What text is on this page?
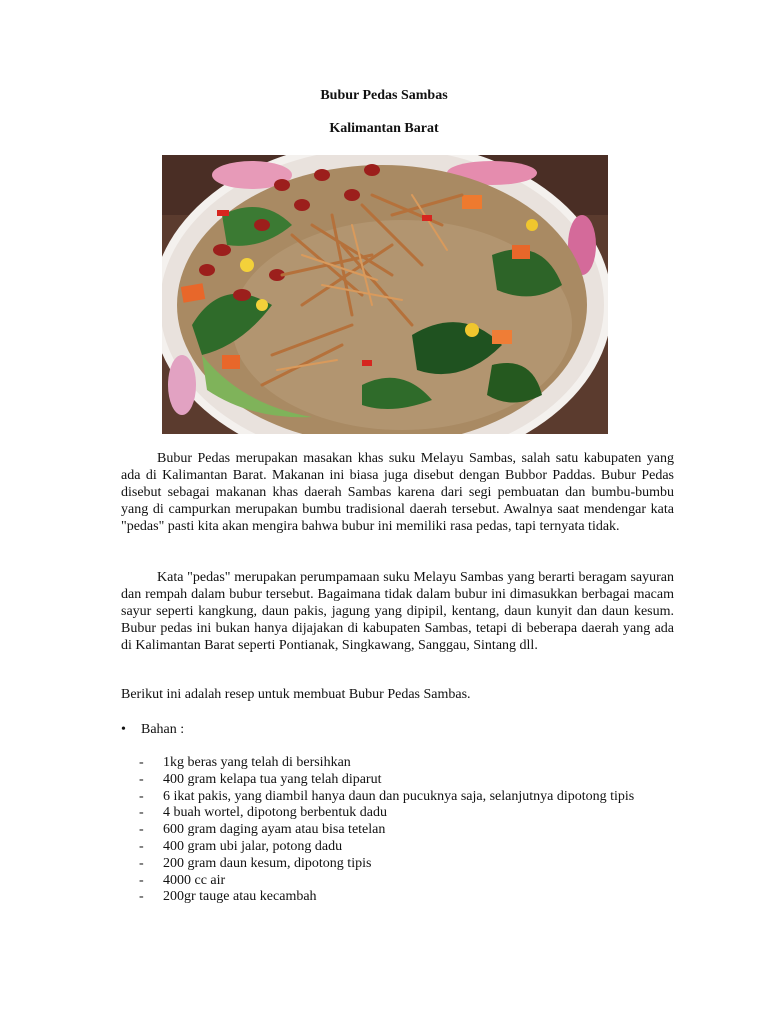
Bubur Pedas Sambas
Kalimantan Barat

Bubur Pedas merupakan masakan khas suku Melayu Sambas, salah satu kabupaten yang ada di Kalimantan Barat. Makanan ini biasa juga disebut dengan Bubbor Paddas. Bubur Pedas disebut sebagai makanan khas daerah Sambas karena dari segi pembuatan dan bumbu-bumbu yang di campurkan merupakan bumbu tradisional daerah tersebut. Awalnya saat mendengar kata "pedas" pasti kita akan mengira bahwa bubur ini memiliki rasa pedas, tapi ternyata tidak.

Kata "pedas" merupakan perumpamaan suku Melayu Sambas yang berarti beragam sayuran dan rempah dalam bubur tersebut. Bagaimana tidak dalam bubur ini dimasukkan berbagai macam sayur seperti kangkung, daun pakis, jagung yang dipipil, kentang, daun kunyit dan daun kesum. Bubur pedas ini bukan hanya dijajakan di kabupaten Sambas, tetapi di beberapa daerah yang ada di Kalimantan Barat seperti Pontianak, Singkawang, Sanggau, Sintang dll.

Berikut ini adalah resep untuk membuat Bubur Pedas Sambas.

• Bahan :
- 1kg beras yang telah di bersihkan
- 400 gram kelapa tua yang telah diparut
- 6 ikat pakis, yang diambil hanya daun dan pucuknya saja, selanjutnya dipotong tipis
- 4 buah wortel, dipotong berbentuk dadu
- 600 gram daging ayam atau bisa tetelan
- 400 gram ubi jalar, potong dadu
- 200 gram daun kesum, dipotong tipis
- 4000 cc air
- 200gr tauge atau kecambah
